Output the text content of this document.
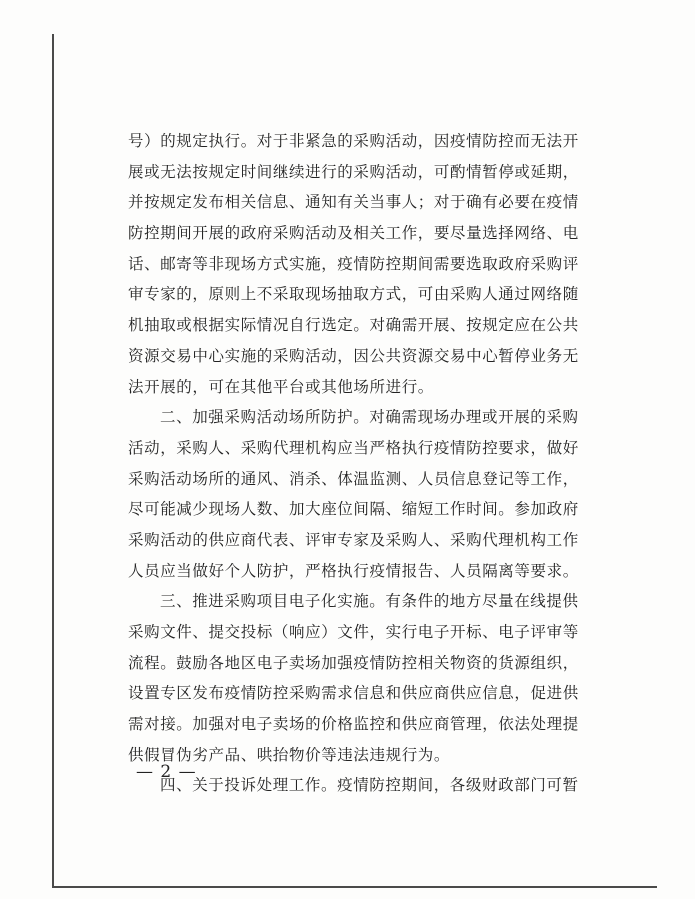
号）的规定执行。对于非紧急的采购活动，因疫情防控而无法开
展或无法按规定时间继续进行的采购活动，可酌情暂停或延期，
并按规定发布相关信息、通知有关当事人；对于确有必要在疫情
防控期间开展的政府采购活动及相关工作，要尽量选择网络、电
话、邮寄等非现场方式实施，疫情防控期间需要选取政府采购评
审专家的，原则上不采取现场抽取方式，可由采购人通过网络随
机抽取或根据实际情况自行选定。对确需开展、按规定应在公共
资源交易中心实施的采购活动，因公共资源交易中心暂停业务无
法开展的，可在其他平台或其他场所进行。
二、加强采购活动场所防护。对确需现场办理或开展的采购
活动，采购人、采购代理机构应当严格执行疫情防控要求，做好
采购活动场所的通风、消杀、体温监测、人员信息登记等工作，
尽可能减少现场人数、加大座位间隔、缩短工作时间。参加政府
采购活动的供应商代表、评审专家及采购人、采购代理机构工作
人员应当做好个人防护，严格执行疫情报告、人员隔离等要求。
三、推进采购项目电子化实施。有条件的地方尽量在线提供
采购文件、提交投标（响应）文件，实行电子开标、电子评审等
流程。鼓励各地区电子卖场加强疫情防控相关物资的货源组织，
设置专区发布疫情防控采购需求信息和供应商供应信息，促进供
需对接。加强对电子卖场的价格监控和供应商管理，依法处理提
供假冒伪劣产品、哄抬物价等违法违规行为。
四、关于投诉处理工作。疫情防控期间，各级财政部门可暂
— 2 —
